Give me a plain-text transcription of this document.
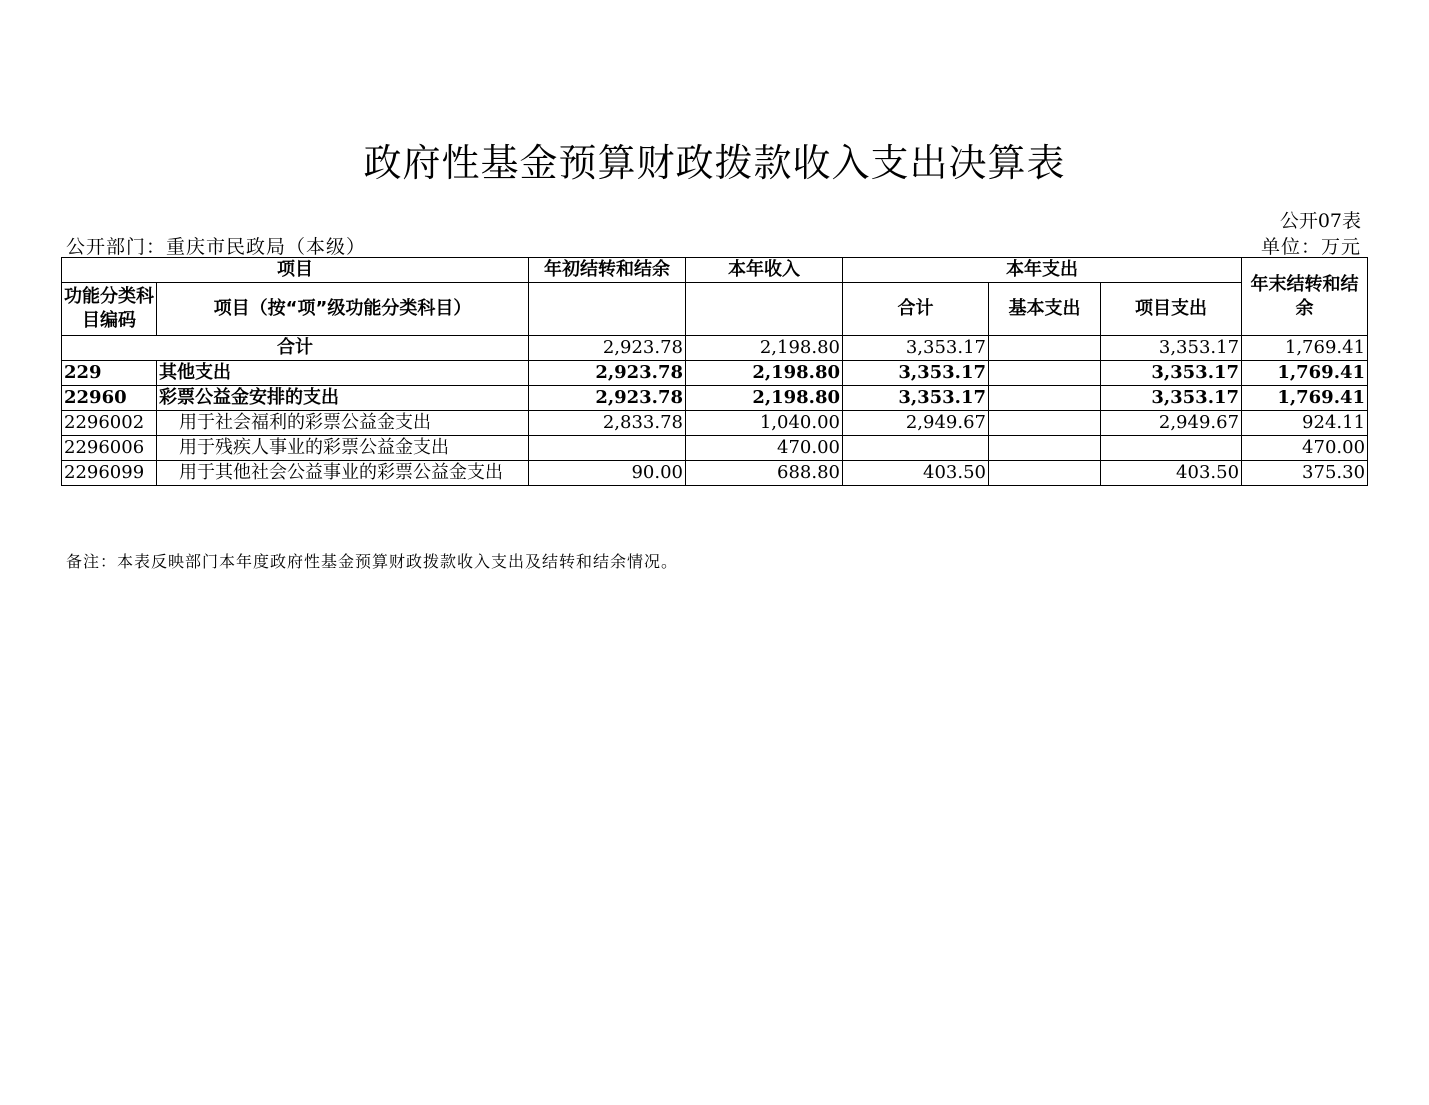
政府性基金预算财政拨款收入支出决算表
公开07表
公开部门：重庆市民政局（本级）	单位：万元
项目		年初结转和结余	本年收入	本年支出			年末结转和结余
功能分类科目编码	项目（按“项”级功能分类科目）			合计	基本支出	项目支出	

合计		2,923.78	2,198.80	3,353.17		3,353.17	1,769.41
229	其他支出	2,923.78	2,198.80	3,353.17		3,353.17	1,769.41
22960	彩票公益金安排的支出	2,923.78	2,198.80	3,353.17		3,353.17	1,769.41
2296002	用于社会福利的彩票公益金支出	2,833.78	1,040.00	2,949.67		2,949.67	924.11
2296006	用于残疾人事业的彩票公益金支出		470.00				470.00
2296099	用于其他社会公益事业的彩票公益金支出	90.00	688.80	403.50		403.50	375.30
备注：本表反映部门本年度政府性基金预算财政拨款收入支出及结转和结余情况。
